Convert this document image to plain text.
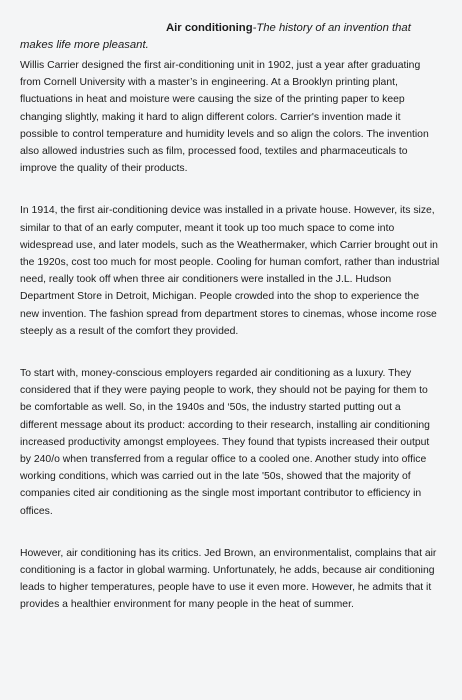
Air conditioning-The history of an invention that
makes life more pleasant.

Willis Carrier designed the first air-conditioning unit in 1902, just a year after graduating from Cornell University with a master’s in engineering. At a Brooklyn printing plant, fluctuations in heat and moisture were causing the size of the printing paper to keep changing slightly, making it hard to align different colors. Carrier's invention made it possible to control temperature and humidity levels and so align the colors. The invention also allowed industries such as film, processed food, textiles and pharmaceuticals to improve the quality of their products.

In 1914, the first air-conditioning device was installed in a private house. However, its size, similar to that of an early computer, meant it took up too much space to come into widespread use, and later models, such as the Weathermaker, which Carrier brought out in the 1920s, cost too much for most people. Cooling for human comfort, rather than industrial need, really took off when three air conditioners were installed in the J.L. Hudson Department Store in Detroit, Michigan. People crowded into the shop to experience the new invention. The fashion spread from department stores to cinemas, whose income rose steeply as a result of the comfort they provided.

To start with, money-conscious employers regarded air conditioning as a luxury. They considered that if they were paying people to work, they should not be paying for them to be comfortable as well. So, in the 1940s and ‘50s, the industry started putting out a different message about its product: according to their research, installing air conditioning increased productivity amongst employees. They found that typists increased their output by 240/o when transferred from a regular office to a cooled one. Another study into office working conditions, which was carried out in the late '50s, showed that the majority of companies cited air conditioning as the single most important contributor to efficiency in offices.

However, air conditioning has its critics. Jed Brown, an environmentalist, complains that air conditioning is a factor in global warming. Unfortunately, he adds, because air conditioning leads to higher temperatures, people have to use it even more. However, he admits that it provides a healthier environment for many people in the heat of summer.
